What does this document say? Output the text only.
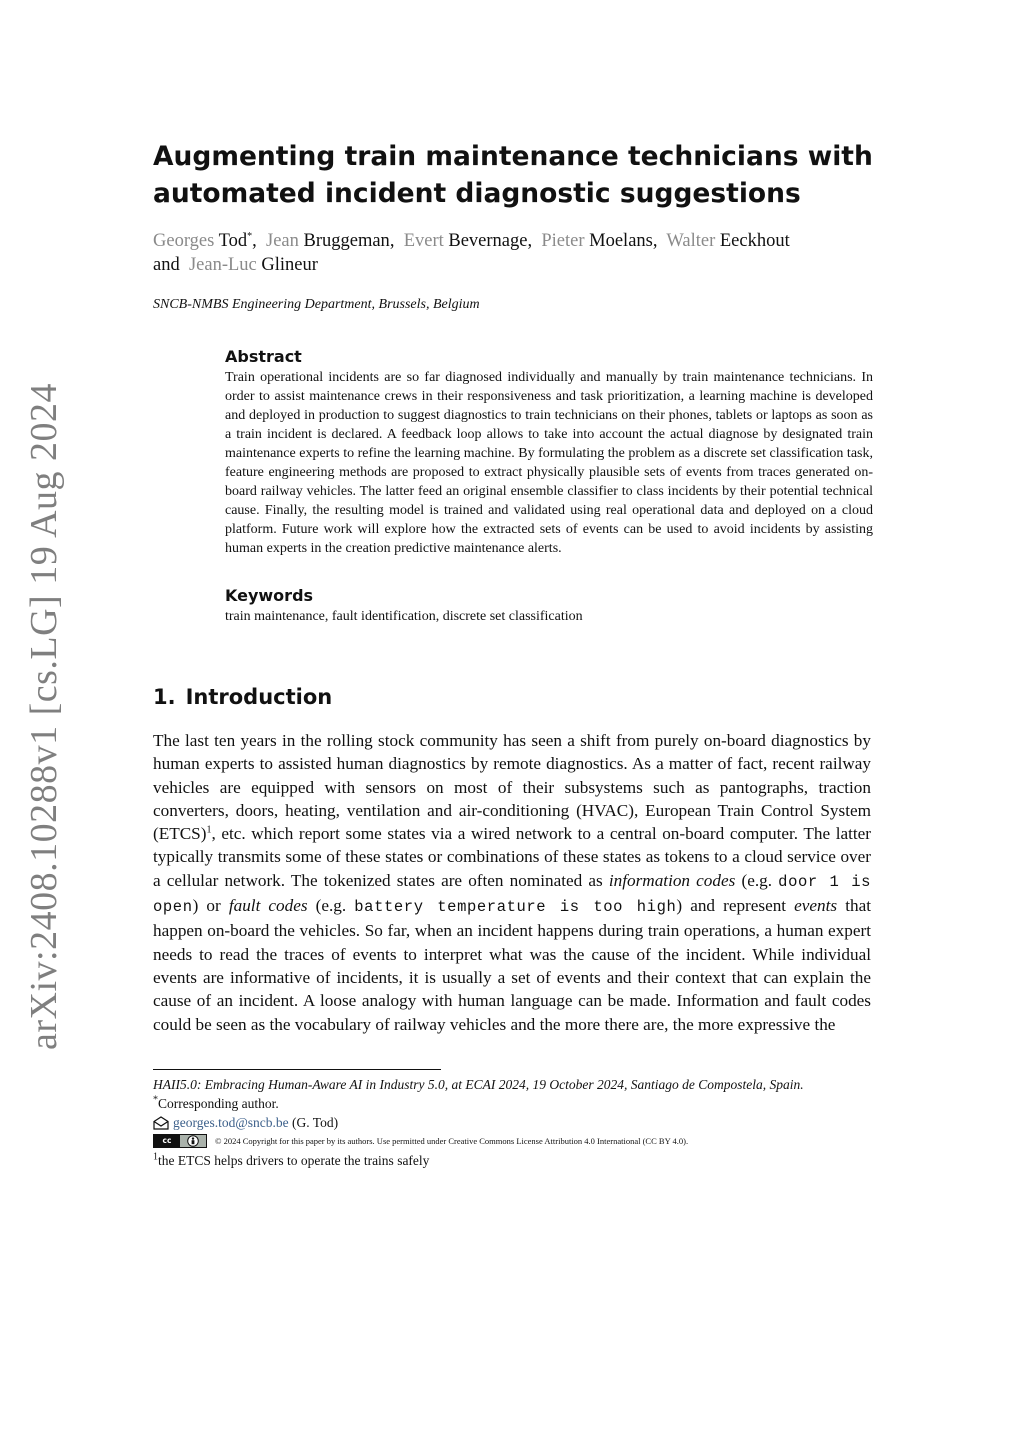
arXiv:2408.10288v1 [cs.LG] 19 Aug 2024
Augmenting train maintenance technicians with
automated incident diagnostic suggestions
Georges Tod*, Jean Bruggeman, Evert Bevernage, Pieter Moelans, Walter Eeckhout
and Jean-Luc Glineur
SNCB-NMBS Engineering Department, Brussels, Belgium
Abstract
Train operational incidents are so far diagnosed individually and manually by train maintenance technicians. In order to assist maintenance crews in their responsiveness and task prioritization, a learning machine is developed and deployed in production to suggest diagnostics to train technicians on their phones, tablets or laptops as soon as a train incident is declared. A feedback loop allows to take into account the actual diagnose by designated train maintenance experts to refine the learning machine. By formulating the problem as a discrete set classification task, feature engineering methods are proposed to extract physically plausible sets of events from traces generated on-board railway vehicles. The latter feed an original ensemble classifier to class incidents by their potential technical cause. Finally, the resulting model is trained and validated using real operational data and deployed on a cloud platform. Future work will explore how the extracted sets of events can be used to avoid incidents by assisting human experts in the creation predictive maintenance alerts.
Keywords
train maintenance, fault identification, discrete set classification
1. Introduction
The last ten years in the rolling stock community has seen a shift from purely on-board diagnostics by human experts to assisted human diagnostics by remote diagnostics. As a matter of fact, recent railway vehicles are equipped with sensors on most of their subsystems such as pantographs, traction converters, doors, heating, ventilation and air-conditioning (HVAC), European Train Control System (ETCS)$^1$, etc. which report some states via a wired network to a central on-board computer. The latter typically transmits some of these states or combinations of these states as tokens to a cloud service over a cellular network. The tokenized states are often nominated as information codes (e.g. door 1 is open) or fault codes (e.g. battery temperature is too high) and represent events that happen on-board the vehicles. So far, when an incident happens during train operations, a human expert needs to read the traces of events to interpret what was the cause of the incident. While individual events are informative of incidents, it is usually a set of events and their context that can explain the cause of an incident. A loose analogy with human language can be made. Information and fault codes could be seen as the vocabulary of railway vehicles and the more there are, the more expressive the
HAII5.0: Embracing Human-Aware AI in Industry 5.0, at ECAI 2024, 19 October 2024, Santiago de Compostela, Spain.
*Corresponding author.
georges.tod@sncb.be
(G. Tod)
cc	© 2024 Copyright for this paper by its authors. Use permitted under Creative Commons License Attribution 4.0 International (CC BY 4.0).
$^1$the ETCS helps drivers to operate the trains safely
